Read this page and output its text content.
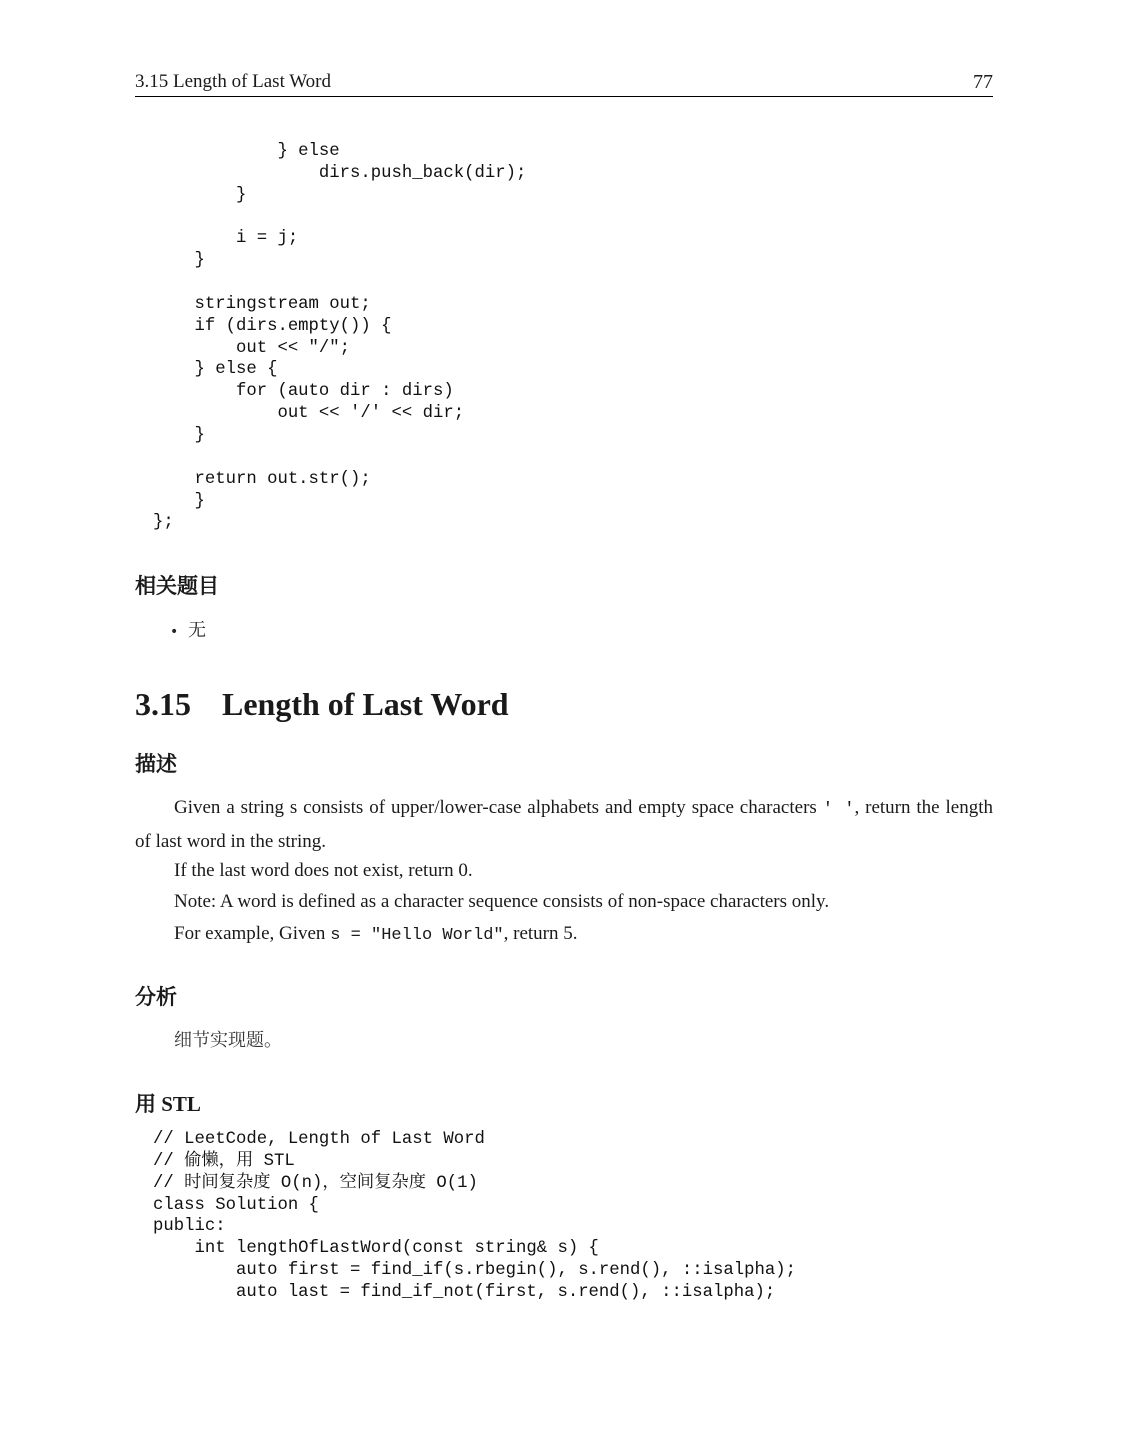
3.15 Length of Last Word	77
} else
dirs.push_back(dir);
}

i = j;
}

stringstream out;
if (dirs.empty()) {
out << "/";
} else {
for (auto dir : dirs)
out << '/' << dir;
}

return out.str();
}
};
相关题目
• 无
3.15 Length of Last Word
描述

Given a string s consists of upper/lower-case alphabets and empty space characters ' ', return the length of last word in the string.

If the last word does not exist, return 0.

Note: A word is defined as a character sequence consists of non-space characters only.

For example, Given s = "Hello World", return 5.

分析
细节实现题。
用 STL
// LeetCode, Length of Last Word
// 偷懒，用 STL
// 时间复杂度 O(n)，空间复杂度 O(1)
class Solution {
public:
int lengthOfLastWord(const string& s) {
auto first = find_if(s.rbegin(), s.rend(), ::isalpha);
auto last = find_if_not(first, s.rend(), ::isalpha);
